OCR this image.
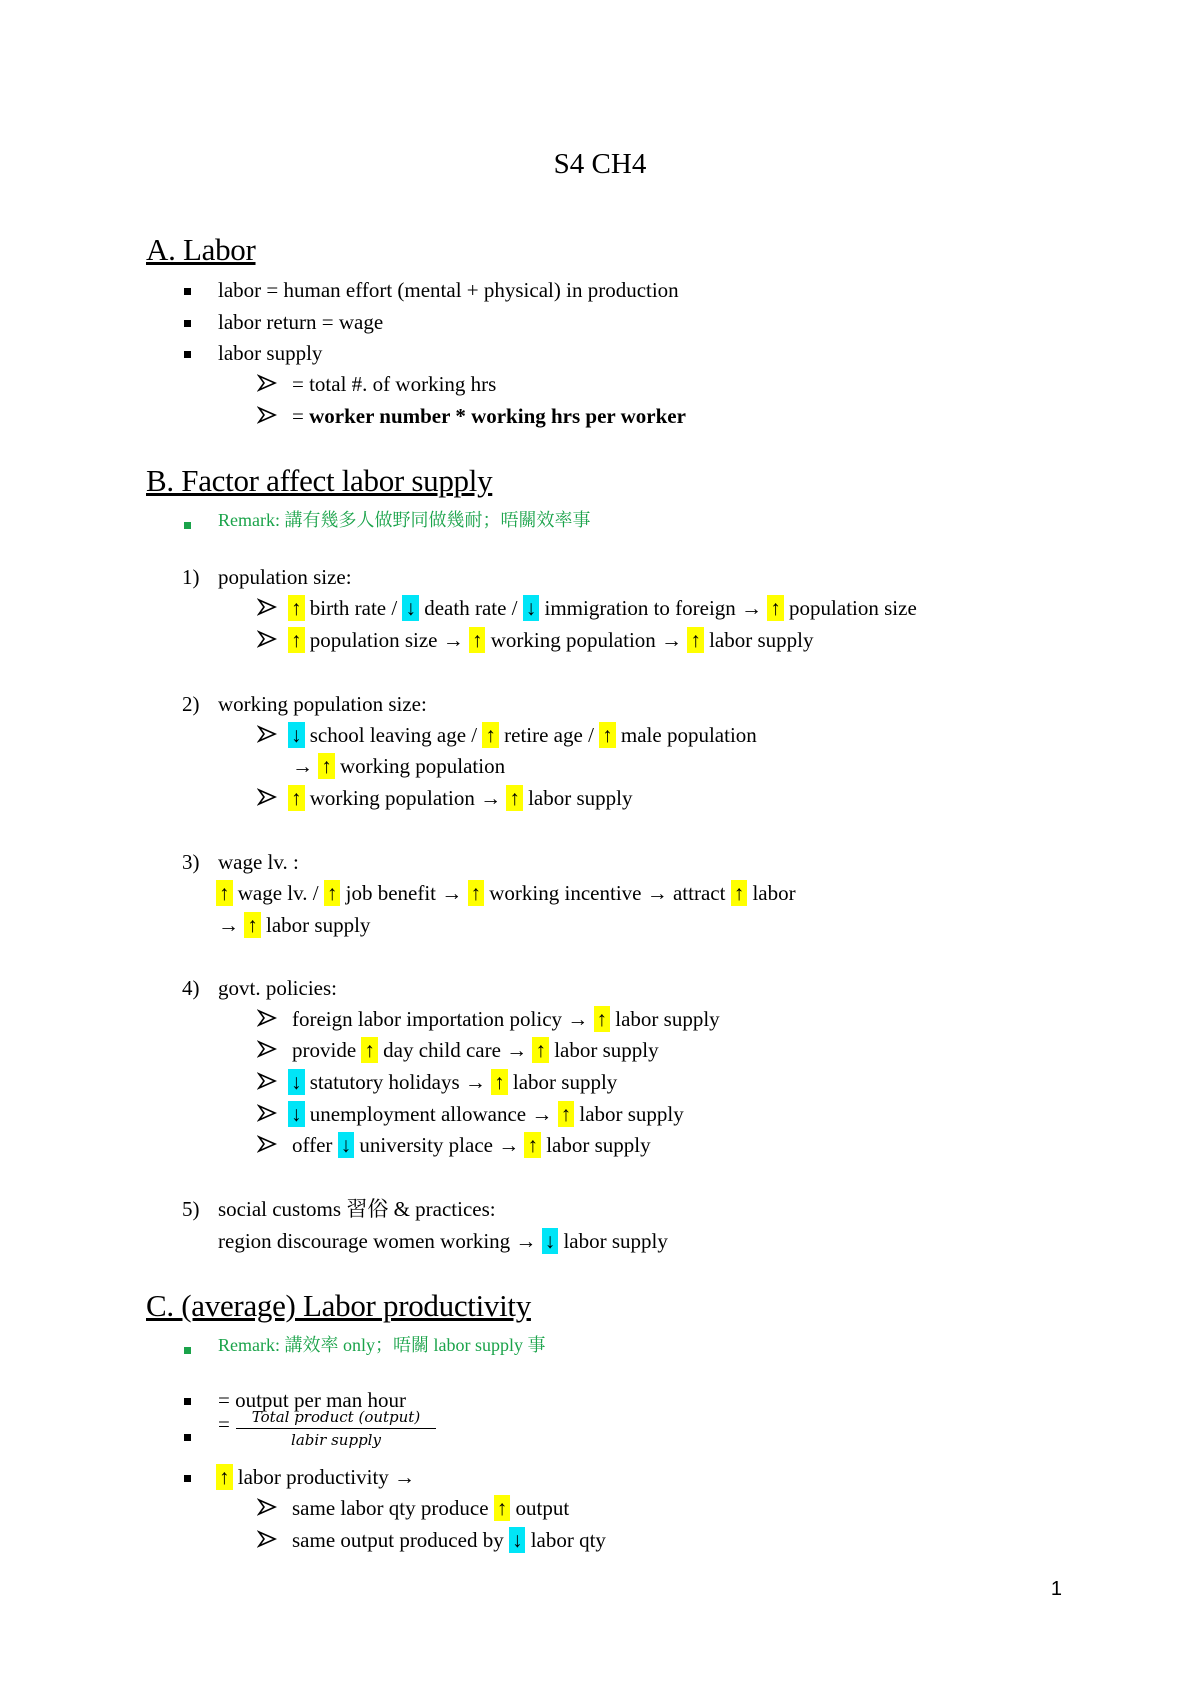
S4 CH4
A. Labor
labor = human effort (mental + physical) in production
labor return = wage
labor supply
= total #. of working hrs
= worker number * working hrs per worker
B. Factor affect labor supply
Remark: 講有幾多人做野同做幾耐；唔關效率事
1) population size:
↑ birth rate / ↓ death rate / ↓ immigration to foreign → ↑ population size
↑ population size → ↑ working population → ↑ labor supply
2) working population size:
↓ school leaving age / ↑ retire age / ↑ male population
→ ↑ working population
↑ working population → ↑ labor supply
3) wage lv. :
↑ wage lv. / ↑ job benefit → ↑ working incentive → attract ↑ labor
→ ↑ labor supply
4) govt. policies:
foreign labor importation policy → ↑ labor supply
provide ↑ day child care → ↑ labor supply
↓ statutory holidays → ↑ labor supply
↓ unemployment allowance → ↑ labor supply
offer ↓ university place → ↑ labor supply
5) social customs 習俗 & practices:
region discourage women working → ↓ labor supply
C. (average) Labor productivity
Remark: 講效率 only；唔關 labor supply 事
= output per man hour
=	Total product (output)
labir supply
↑ labor productivity →
same labor qty produce ↑ output
same output produced by ↓ labor qty
1
